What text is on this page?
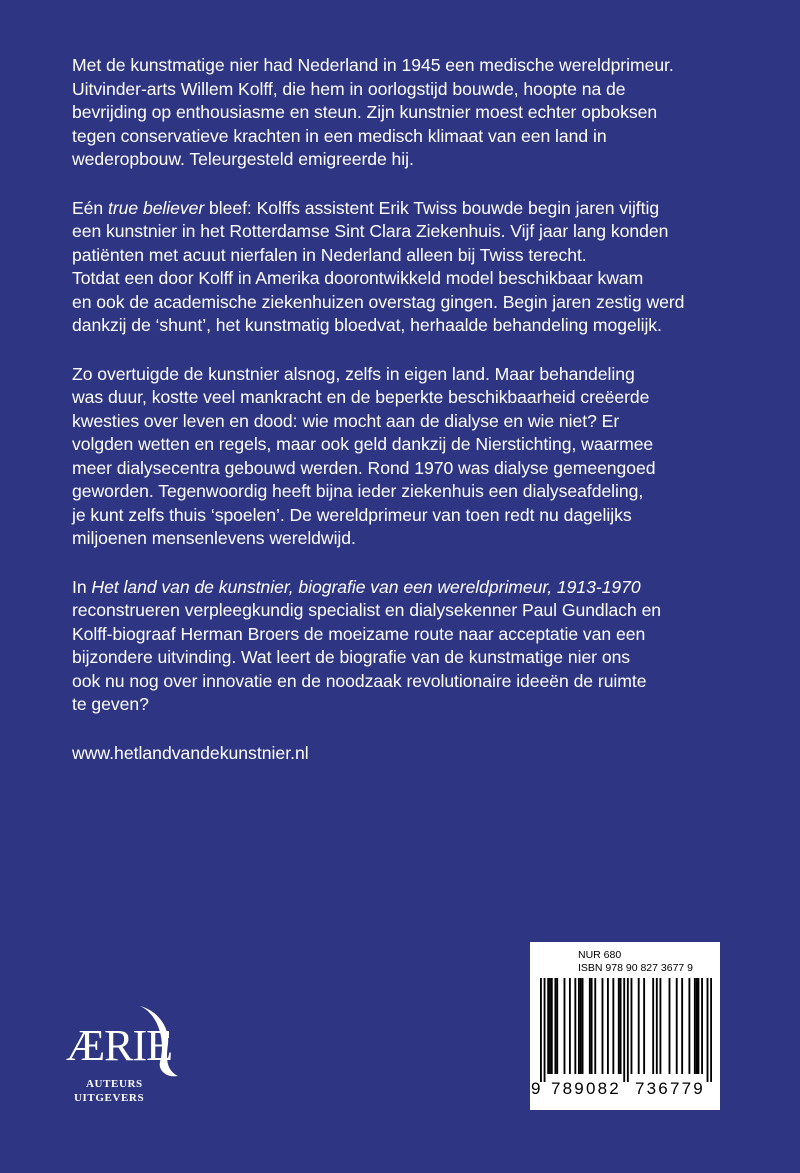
Met de kunstmatige nier had Nederland in 1945 een medische wereldprimeur.
Uitvinder-arts Willem Kolff, die hem in oorlogstijd bouwde, hoopte na de
bevrijding op enthousiasme en steun. Zijn kunstnier moest echter opboksen
tegen conservatieve krachten in een medisch klimaat van een land in
wederopbouw. Teleurgesteld emigreerde hij.

Eén true believer bleef: Kolffs assistent Erik Twiss bouwde begin jaren vijftig
een kunstnier in het Rotterdamse Sint Clara Ziekenhuis. Vijf jaar lang konden
patiënten met acuut nierfalen in Nederland alleen bij Twiss terecht.
Totdat een door Kolff in Amerika doorontwikkeld model beschikbaar kwam
en ook de academische ziekenhuizen overstag gingen. Begin jaren zestig werd
dankzij de ‘shunt’, het kunstmatig bloedvat, herhaalde behandeling mogelijk.

Zo overtuigde de kunstnier alsnog, zelfs in eigen land. Maar behandeling
was duur, kostte veel mankracht en de beperkte beschikbaarheid creëerde
kwesties over leven en dood: wie mocht aan de dialyse en wie niet? Er
volgden wetten en regels, maar ook geld dankzij de Nierstichting, waarmee
meer dialysecentra gebouwd werden. Rond 1970 was dialyse gemeengoed
geworden. Tegenwoordig heeft bijna ieder ziekenhuis een dialyseafdeling,
je kunt zelfs thuis ‘spoelen’. De wereldprimeur van toen redt nu dagelijks
miljoenen mensenlevens wereldwijd.

In Het land van de kunstnier, biografie van een wereldprimeur, 1913-1970
reconstrueren verpleegkundig specialist en dialysekenner Paul Gundlach en
Kolff-biograaf Herman Broers de moeizame route naar acceptatie van een
bijzondere uitvinding. Wat leert de biografie van de kunstmatige nier ons
ook nu nog over innovatie en de noodzaak revolutionaire ideeën de ruimte
te geven?

www.hetlandvandekunstnier.nl
NUR 680
ISBN 978 90 827 3677 9
9 789082 736779
ÆRIE
AUTEURS
UITGEVERS
